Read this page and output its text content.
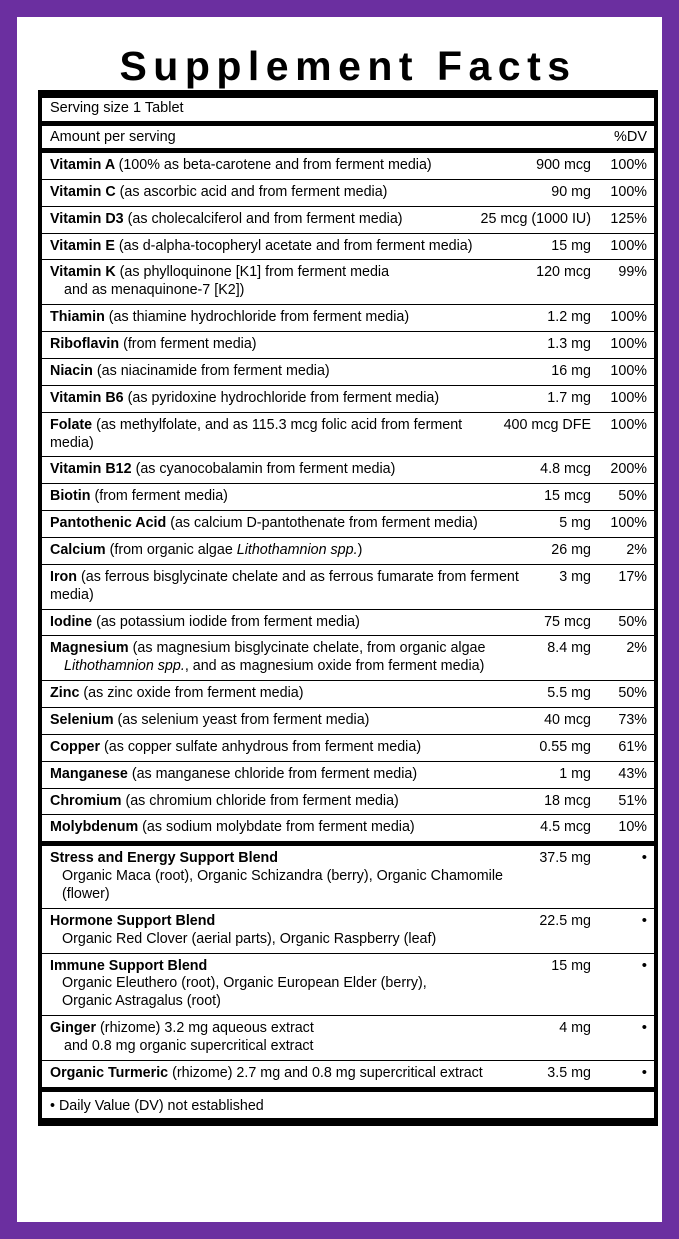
Supplement Facts
Serving size 1 Tablet
Amount per serving	%DV
Vitamin A (100% as beta-carotene and from ferment media)	900 mcg	100%
Vitamin C (as ascorbic acid and from ferment media)	90 mg	100%
Vitamin D3 (as cholecalciferol and from ferment media)	25 mcg (1000 IU)	125%
Vitamin E (as d-alpha-tocopheryl acetate and from ferment media)	15 mg	100%
Vitamin K (as phylloquinone [K1] from ferment media
and as menaquinone-7 [K2])
120 mcg	99%
Thiamin (as thiamine hydrochloride from ferment media)	1.2 mg	100%
Riboflavin (from ferment media)	1.3 mg	100%
Niacin (as niacinamide from ferment media)	16 mg	100%
Vitamin B6 (as pyridoxine hydrochloride from ferment media)	1.7 mg	100%
Folate (as methylfolate, and as 115.3 mcg folic acid from ferment media)
400 mcg DFE	100%
Vitamin B12 (as cyanocobalamin from ferment media)	4.8 mcg	200%
Biotin (from ferment media)	15 mcg	50%
Pantothenic Acid (as calcium D-pantothenate from ferment media)	5 mg	100%
Calcium (from organic algae Lithothamnion spp.)	26 mg	2%
Iron (as ferrous bisglycinate chelate and as ferrous fumarate from ferment media)
3 mg	17%
Iodine (as potassium iodide from ferment media)	75 mcg	50%
Magnesium (as magnesium bisglycinate chelate, from organic algae
Lithothamnion spp., and as magnesium oxide from ferment media)
8.4 mg	2%
Zinc (as zinc oxide from ferment media)	5.5 mg	50%
Selenium (as selenium yeast from ferment media)	40 mcg	73%
Copper (as copper sulfate anhydrous from ferment media)	0.55 mg	61%
Manganese (as manganese chloride from ferment media)	1 mg	43%
Chromium (as chromium chloride from ferment media)	18 mcg	51%
Molybdenum (as sodium molybdate from ferment media)	4.5 mcg	10%
Stress and Energy Support Blend
Organic Maca (root), Organic Schizandra (berry), Organic Chamomile (flower)
37.5 mg	•
Hormone Support Blend
Organic Red Clover (aerial parts), Organic Raspberry (leaf)
22.5 mg	•
Immune Support Blend
Organic Eleuthero (root), Organic European Elder (berry),
Organic Astragalus (root)
15 mg	•
Ginger (rhizome) 3.2 mg aqueous extract
and 0.8 mg organic supercritical extract
4 mg	•
Organic Turmeric (rhizome) 2.7 mg and 0.8 mg supercritical extract	3.5 mg	•
• Daily Value (DV) not established
